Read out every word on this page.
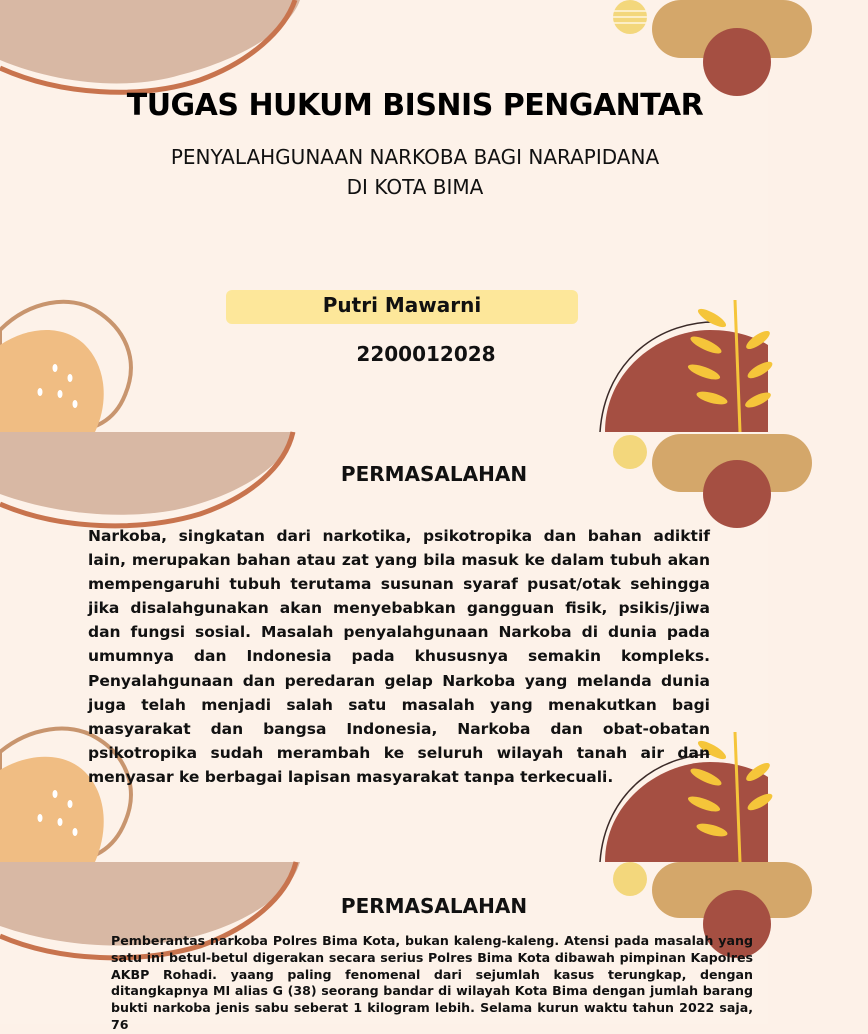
TUGAS HUKUM BISNIS PENGANTAR
PENYALAHGUNAAN NARKOBA BAGI NARAPIDANA
DI KOTA BIMA
Putri Mawarni
2200012028
PERMASALAHAN
Narkoba, singkatan dari narkotika, psikotropika dan bahan adiktif lain, merupakan bahan atau zat yang bila masuk ke dalam tubuh akan mempengaruhi tubuh terutama susunan syaraf pusat/otak sehingga jika disalahgunakan akan menyebabkan gangguan fisik, psikis/jiwa dan fungsi sosial. Masalah penyalahgunaan Narkoba di dunia pada umumnya dan Indonesia pada khususnya semakin kompleks. Penyalahgunaan dan peredaran gelap Narkoba yang melanda dunia juga telah menjadi salah satu masalah yang menakutkan bagi masyarakat dan bangsa Indonesia, Narkoba dan obat-obatan psikotropika sudah merambah ke seluruh wilayah tanah air dan menyasar ke berbagai lapisan masyarakat tanpa terkecuali.
PERMASALAHAN
Pemberantas narkoba Polres Bima Kota, bukan kaleng-kaleng. Atensi pada masalah yang satu ini betul-betul digerakan secara serius Polres Bima Kota dibawah pimpinan Kapolres AKBP Rohadi. yaang paling fenomenal dari sejumlah kasus terungkap, dengan ditangkapnya MI alias G (38) seorang bandar di wilayah Kota Bima dengan jumlah barang bukti narkoba jenis sabu seberat 1 kilogram lebih. Selama kurun waktu tahun 2022 saja, 76
